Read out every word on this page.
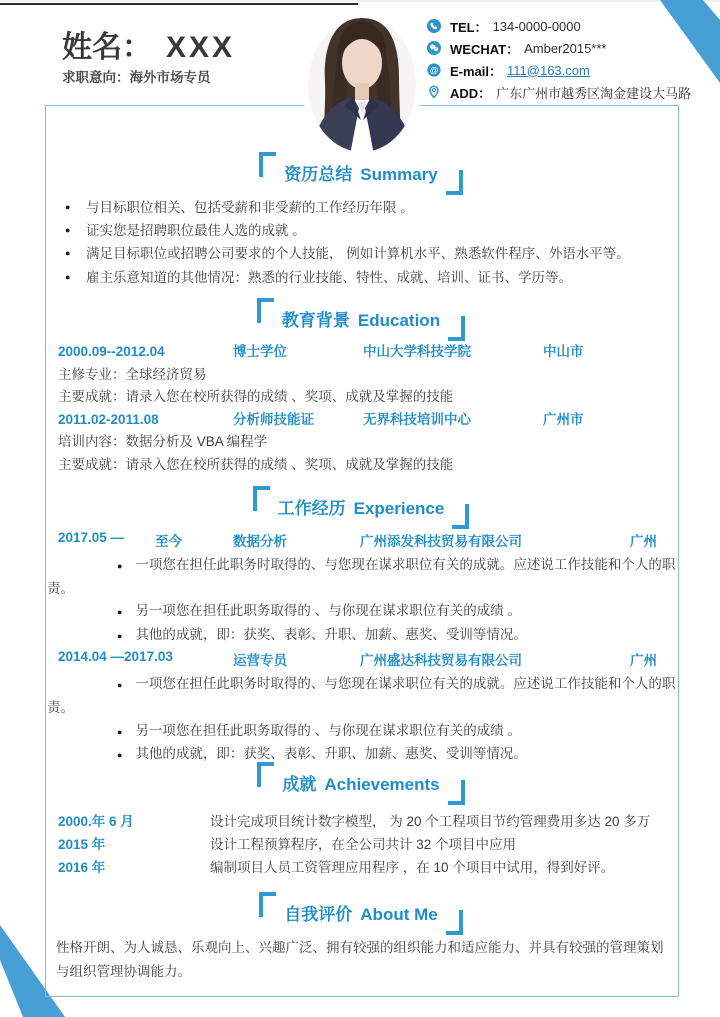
姓名： XXX
求职意向：海外市场专员
TEL： 134-0000-0000
WECHAT： Amber2015***
@ E-mail： 111@163.com
ADD： 广东广州市越秀区淘金建设大马路
资历总结 Summary
● 与目标职位相关、包括受薪和非受薪的工作经历年限 。
● 证实您是招聘职位最佳人选的成就 。
● 满足目标职位或招聘公司要求的个人技能， 例如计算机水平、熟悉软件程序、外语水平等。
● 雇主乐意知道的其他情况：熟悉的行业技能、特性、成就、培训、证书、学历等。
教育背景 Education
2000.09--2012.04	博士学位	中山大学科技学院	中山市
主修专业：全球经济贸易
主要成就：请录入您在校所获得的成绩 、奖项、成就及掌握的技能
2011.02-2011.08	分析师技能证	无界科技培训中心	广州市
培训内容：数据分析及 VBA 编程学
主要成就：请录入您在校所获得的成绩 、奖项、成就及掌握的技能
工作经历 Experience
2017.05 — 至今	数据分析	广州添发科技贸易有限公司	广州

● 一项您在担任此职务时取得的、与您现在谋求职位有关的成就。应述说工作技能和个人的职责。

● 另一项您在担任此职务取得的 、与你现在谋求职位有关的成绩 。

● 其他的成就，即：获奖、表彰、升职、加薪、惠奖、受训等情况。

2014.04 —2017.03	运营专员	广州盛达科技贸易有限公司	广州

● 一项您在担任此职务时取得的、与您现在谋求职位有关的成就。应述说工作技能和个人的职责。

● 另一项您在担任此职务取得的 、与你现在谋求职位有关的成绩 。

● 其他的成就，即：获奖、表彰、升职、加薪、惠奖、受训等情况。

成就 Achievements
2000.年 6 月	设计完成项目统计数字模型， 为 20 个工程项目节约管理费用多达 20 多万
2015 年	设计工程预算程序，在全公司共计 32 个项目中应用
2016 年	编制项目人员工资管理应用程序 ，在 10 个项目中试用，得到好评。
自我评价 About Me

性格开朗、为人诚恳、乐观向上、兴趣广泛、拥有较强的组织能力和适应能力、并具有较强的管理策划与组织管理协调能力。
